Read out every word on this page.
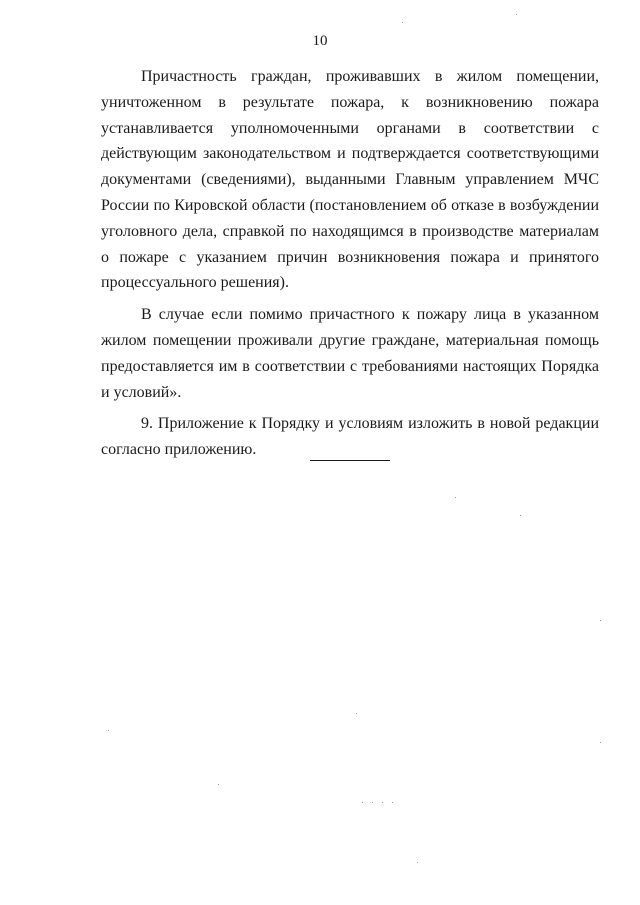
10

Причастность граждан, проживавших в жилом помещении, уничтоженном в результате пожара, к возникновению пожара устанавливается уполномоченными органами в соответствии с действующим законодательством и подтверждается соответствующими документами (сведениями), выданными Главным управлением МЧС России по Кировской области (постановлением об отказе в возбуждении уголовного дела, справкой по находящимся в производстве материалам о пожаре с указанием причин возникновения пожара и принятого процессуального решения).

В случае если помимо причастного к пожару лица в указанном жилом помещении проживали другие граждане, материальная помощь предоставляется им в соответствии с требованиями настоящих Порядка и условий».

9. Приложение к Порядку и условиям изложить в новой редакции согласно приложению.
